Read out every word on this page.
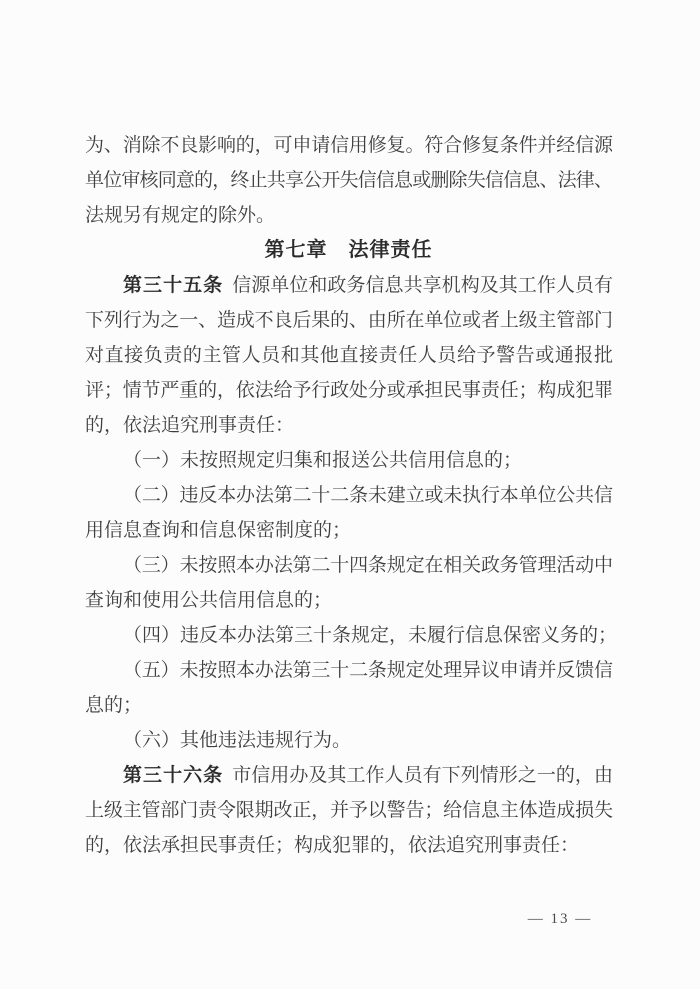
为、消除不良影响的，可申请信用修复。符合修复条件并经信源
单位审核同意的，终止共享公开失信信息或删除失信信息、法律、
法规另有规定的除外。
第七章　法律责任
第三十五条 信源单位和政务信息共享机构及其工作人员有
下列行为之一、造成不良后果的、由所在单位或者上级主管部门
对直接负责的主管人员和其他直接责任人员给予警告或通报批
评；情节严重的，依法给予行政处分或承担民事责任；构成犯罪
的，依法追究刑事责任：
（一）未按照规定归集和报送公共信用信息的；
（二）违反本办法第二十二条未建立或未执行本单位公共信
用信息查询和信息保密制度的；
（三）未按照本办法第二十四条规定在相关政务管理活动中
查询和使用公共信用信息的；
（四）违反本办法第三十条规定，未履行信息保密义务的；
（五）未按照本办法第三十二条规定处理异议申请并反馈信
息的；
（六）其他违法违规行为。
第三十六条 市信用办及其工作人员有下列情形之一的，由
上级主管部门责令限期改正，并予以警告；给信息主体造成损失
的，依法承担民事责任；构成犯罪的，依法追究刑事责任：
— 13 —
